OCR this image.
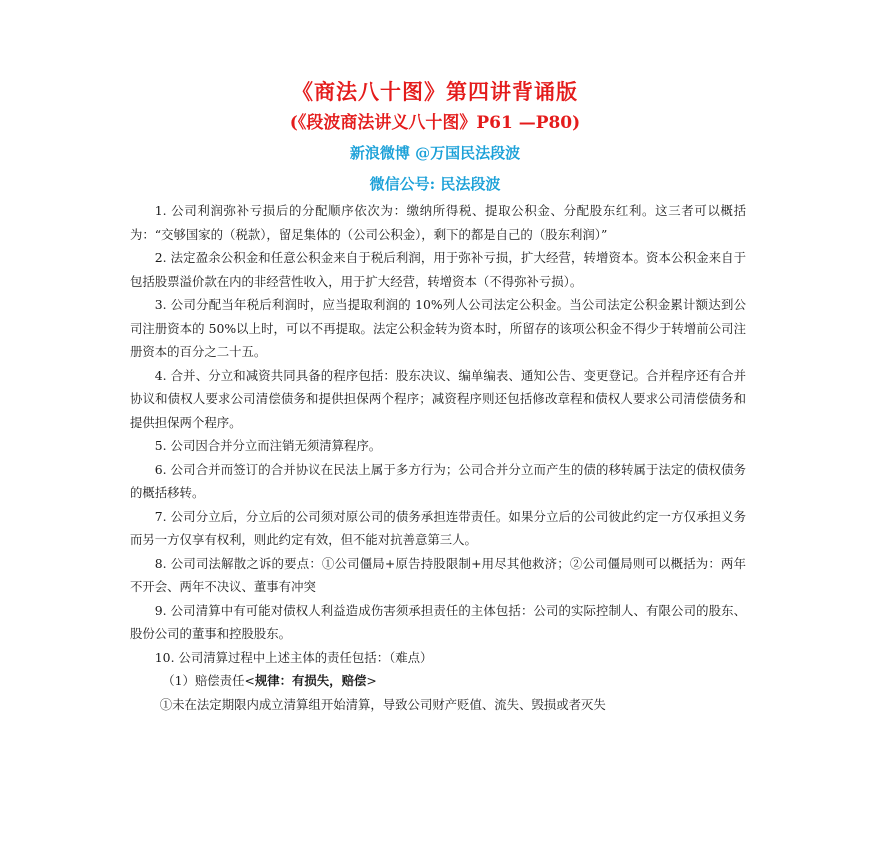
《商法八十图》第四讲背诵版
(《段波商法讲义八十图》P61 —P80)
新浪微博 @万国民法段波
微信公号: 民法段波

1. 公司利润弥补亏损后的分配顺序依次为：缴纳所得税、提取公积金、分配股东红利。这三者可以概括为：“交够国家的（税款），留足集体的（公司公积金），剩下的都是自己的（股东利润）”

2. 法定盈余公积金和任意公积金来自于税后利润，用于弥补亏损，扩大经营，转增资本。资本公积金来自于包括股票溢价款在内的非经营性收入，用于扩大经营，转增资本（不得弥补亏损）。

3. 公司分配当年税后利润时，应当提取利润的 10%列人公司法定公积金。当公司法定公积金累计额达到公司注册资本的 50%以上时，可以不再提取。法定公积金转为资本时，所留存的该项公积金不得少于转增前公司注册资本的百分之二十五。

4. 合并、分立和减资共同具备的程序包括：股东决议、编单编表、通知公告、变更登记。合并程序还有合并协议和债权人要求公司清偿债务和提供担保两个程序；减资程序则还包括修改章程和债权人要求公司清偿债务和提供担保两个程序。

5. 公司因合并分立而注销无须清算程序。

6. 公司合并而签订的合并协议在民法上属于多方行为；公司合并分立而产生的债的移转属于法定的债权债务的概括移转。

7. 公司分立后，分立后的公司须对原公司的债务承担连带责任。如果分立后的公司彼此约定一方仅承担义务而另一方仅享有权利，则此约定有效，但不能对抗善意第三人。

8. 公司司法解散之诉的要点：①公司僵局+原告持股限制+用尽其他救济；②公司僵局则可以概括为：两年不开会、两年不决议、董事有冲突

9. 公司清算中有可能对债权人利益造成伤害须承担责任的主体包括：公司的实际控制人、有限公司的股东、股份公司的董事和控股股东。

10. 公司清算过程中上述主体的责任包括：（难点）

（1）赔偿责任<规律：有损失，赔偿>

①未在法定期限内成立清算组开始清算，导致公司财产贬值、流失、毁损或者灭失
